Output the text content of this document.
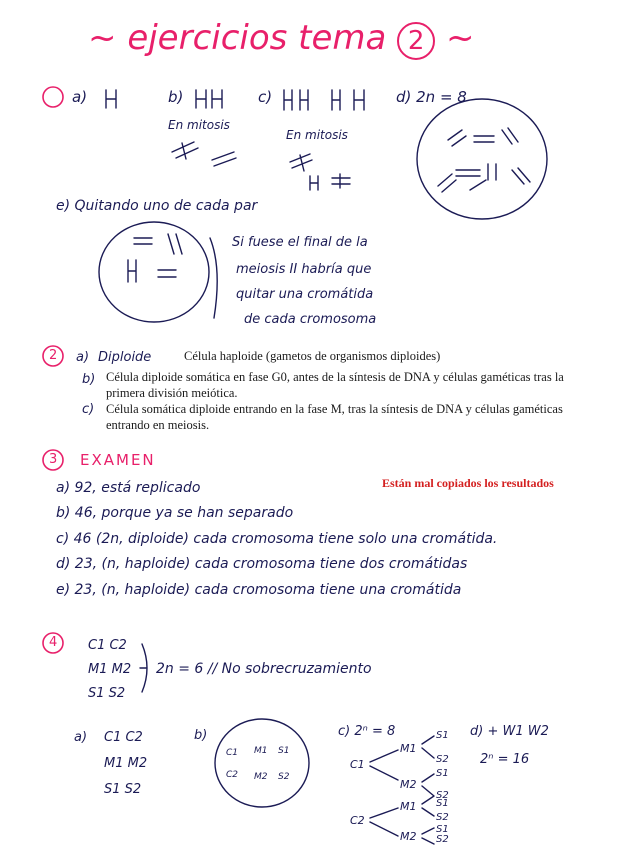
~ ejercicios tema 2 ~
a)	b)	c)	d) 2n = 8
En mitosis
En mitosis
e) Quitando uno de cada par
Si fuese el final de la
meiosis II habría que
quitar una cromátida
de cada cromosoma
2 a) Diploide	Célula haploide (gametos de organismos diploides)
b) Célula diploide somática en fase G0, antes de la síntesis de DNA y células gaméticas tras la
primera división meiótica.
c) Célula somática diploide entrando en la fase M, tras la síntesis de DNA y células gaméticas
entrando en meiosis.
3 EXAMEN
Están mal copiados los resultados
a) 92, está replicado
b) 46, porque ya se han separado
c) 46 (2n, diploide) cada cromosoma tiene solo una cromátida.
d) 23, (n, haploide) cada cromosoma tiene dos cromátidas
e) 23, (n, haploide) cada cromosoma tiene una cromátida
4 C1 C2
M1 M2
S1 S2
2n = 6 // No sobrecruzamiento
a) C1 C2
M1 M2
S1 S2
b)
C1
C2
M1
M2
S1
S2
c) 2ⁿ = 8
C1
M1
M2
S1
S2
S1
S2
C2
M1
M2
S1
S2
S1
S2
d) + W1 W2
2ⁿ = 16
